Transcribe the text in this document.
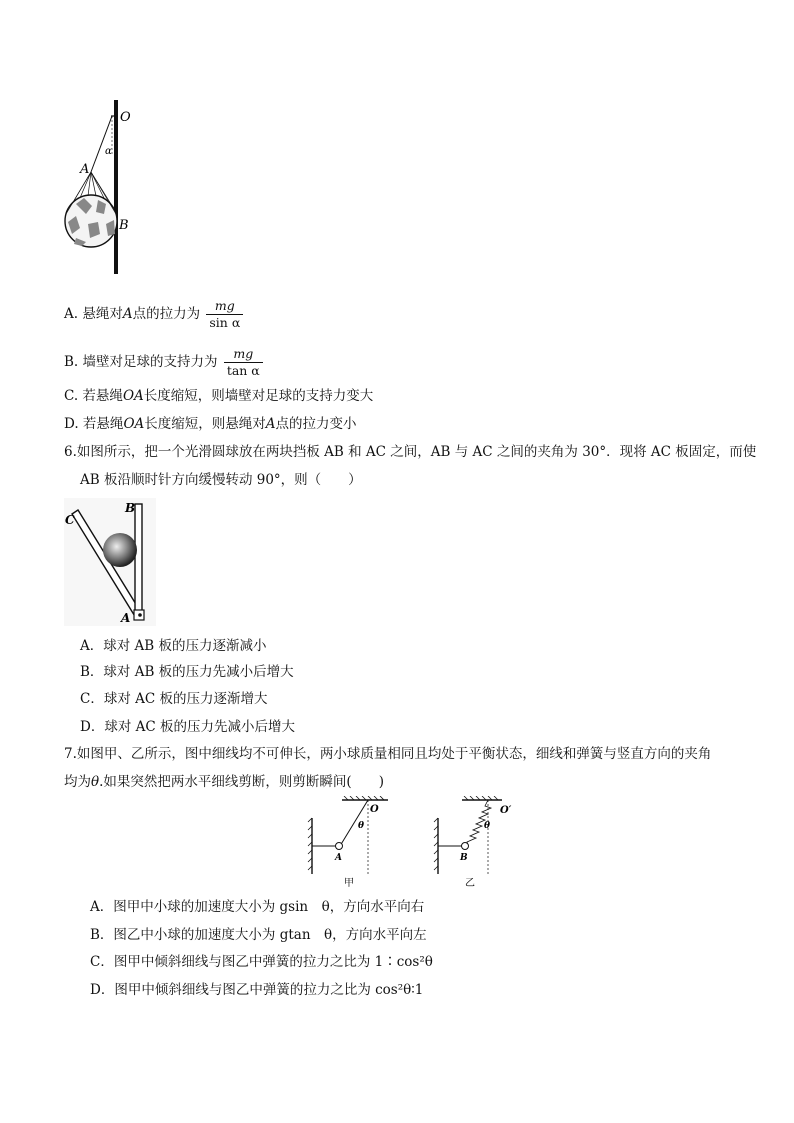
O
A
B
α
A. 悬绳对A点的拉力为 $\frac{mg}{\text{sin α}}$
B. 墙壁对足球的支持力为 $\frac{mg}{\text{tan α}}$
C. 若悬绳OA长度缩短，则墙壁对足球的支持力变大
D. 若悬绳OA长度缩短，则悬绳对A点的拉力变小
6.如图所示，把一个光滑圆球放在两块挡板 AB 和 AC 之间，AB 与 AC 之间的夹角为 30°．现将 AC 板固定，而使
AB 板沿顺时针方向缓慢转动 90°，则（　　）
C
B
A
A．球对 AB 板的压力逐渐减小
B．球对 AB 板的压力先减小后增大
C．球对 AC 板的压力逐渐增大
D．球对 AC 板的压力先减小后增大
7.如图甲、乙所示，图中细线均不可伸长，两小球质量相同且均处于平衡状态，细线和弹簧与竖直方向的夹角
均为θ.如果突然把两水平细线剪断，则剪断瞬间(　　)
O
θ
A
甲
O′
θ
B
乙
A．图甲中小球的加速度大小为 gsin　θ，方向水平向右
B．图乙中小球的加速度大小为 gtan　θ，方向水平向左
C．图甲中倾斜细线与图乙中弹簧的拉力之比为 1∶cos²θ
D．图甲中倾斜细线与图乙中弹簧的拉力之比为 cos²θ∶1
